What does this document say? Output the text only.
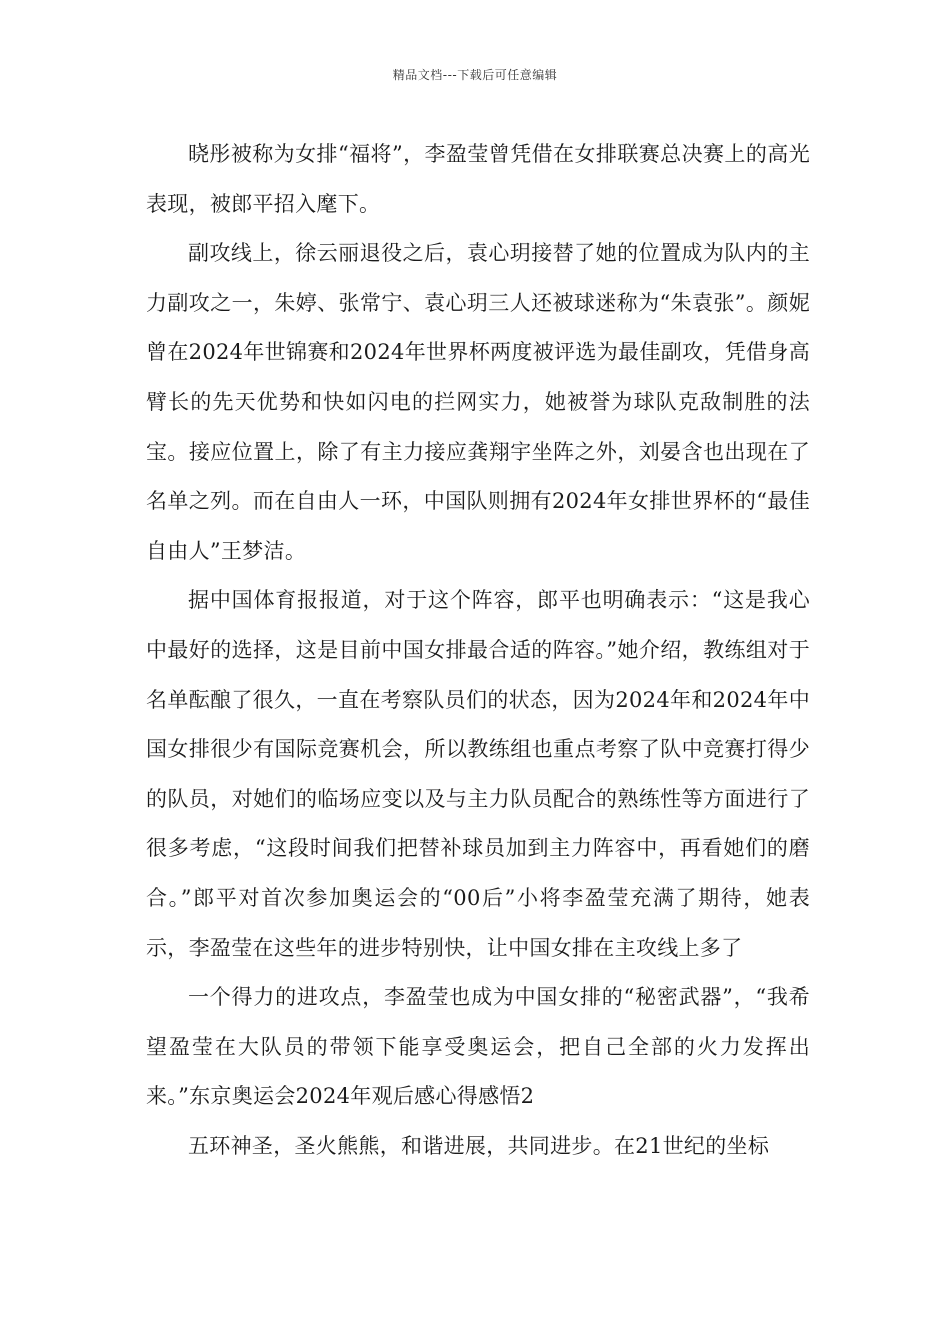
精品文档---下载后可任意编辑

晓彤被称为女排“福将”，李盈莹曾凭借在女排联赛总决赛上的高光表现，被郎平招入麾下。

副攻线上，徐云丽退役之后，袁心玥接替了她的位置成为队内的主力副攻之一，朱婷、张常宁、袁心玥三人还被球迷称为“朱袁张”。颜妮曾在2024年世锦赛和2024年世界杯两度被评选为最佳副攻，凭借身高臂长的先天优势和快如闪电的拦网实力，她被誉为球队克敌制胜的法宝。接应位置上，除了有主力接应龚翔宇坐阵之外，刘晏含也出现在了名单之列。而在自由人一环，中国队则拥有2024年女排世界杯的“最佳自由人”王梦洁。

据中国体育报报道，对于这个阵容，郎平也明确表示：“这是我心中最好的选择，这是目前中国女排最合适的阵容。”她介绍，教练组对于名单酝酿了很久，一直在考察队员们的状态，因为2024年和2024年中国女排很少有国际竞赛机会，所以教练组也重点考察了队中竞赛打得少的队员，对她们的临场应变以及与主力队员配合的熟练性等方面进行了很多考虑，“这段时间我们把替补球员加到主力阵容中，再看她们的磨合。”郎平对首次参加奥运会的“00后”小将李盈莹充满了期待，她表示，李盈莹在这些年的进步特别快，让中国女排在主攻线上多了

一个得力的进攻点，李盈莹也成为中国女排的“秘密武器”，“我希望盈莹在大队员的带领下能享受奥运会，把自己全部的火力发挥出来。”东京奥运会2024年观后感心得感悟2

五环神圣，圣火熊熊，和谐进展，共同进步。在21世纪的坐标
